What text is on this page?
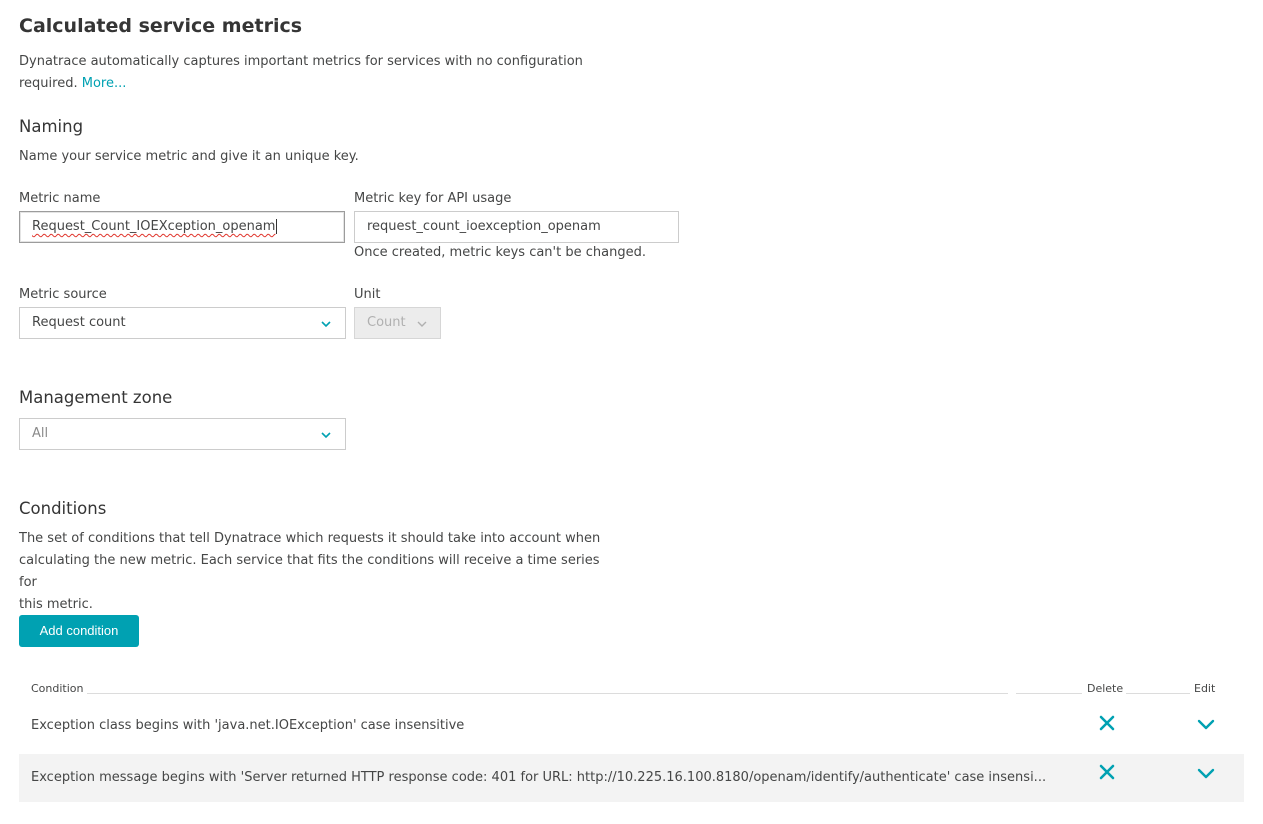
Calculated service metrics
Dynatrace automatically captures important metrics for services with no configuration
required. More...
Naming
Name your service metric and give it an unique key.
Metric name
Request_Count_IOEXception_openam
Metric key for API usage
request_count_ioexception_openam
Once created, metric keys can't be changed.
Metric source
Request count
Unit
Count
Management zone
All
Conditions
The set of conditions that tell Dynatrace which requests it should take into account when
calculating the new metric. Each service that fits the conditions will receive a time series for
this metric.
Add condition
Condition	Delete	Edit
Exception class begins with 'java.net.IOException' case insensitive
Exception message begins with 'Server returned HTTP response code: 401 for URL: http://10.225.16.100.8180/openam/identify/authenticate' case insensi...
